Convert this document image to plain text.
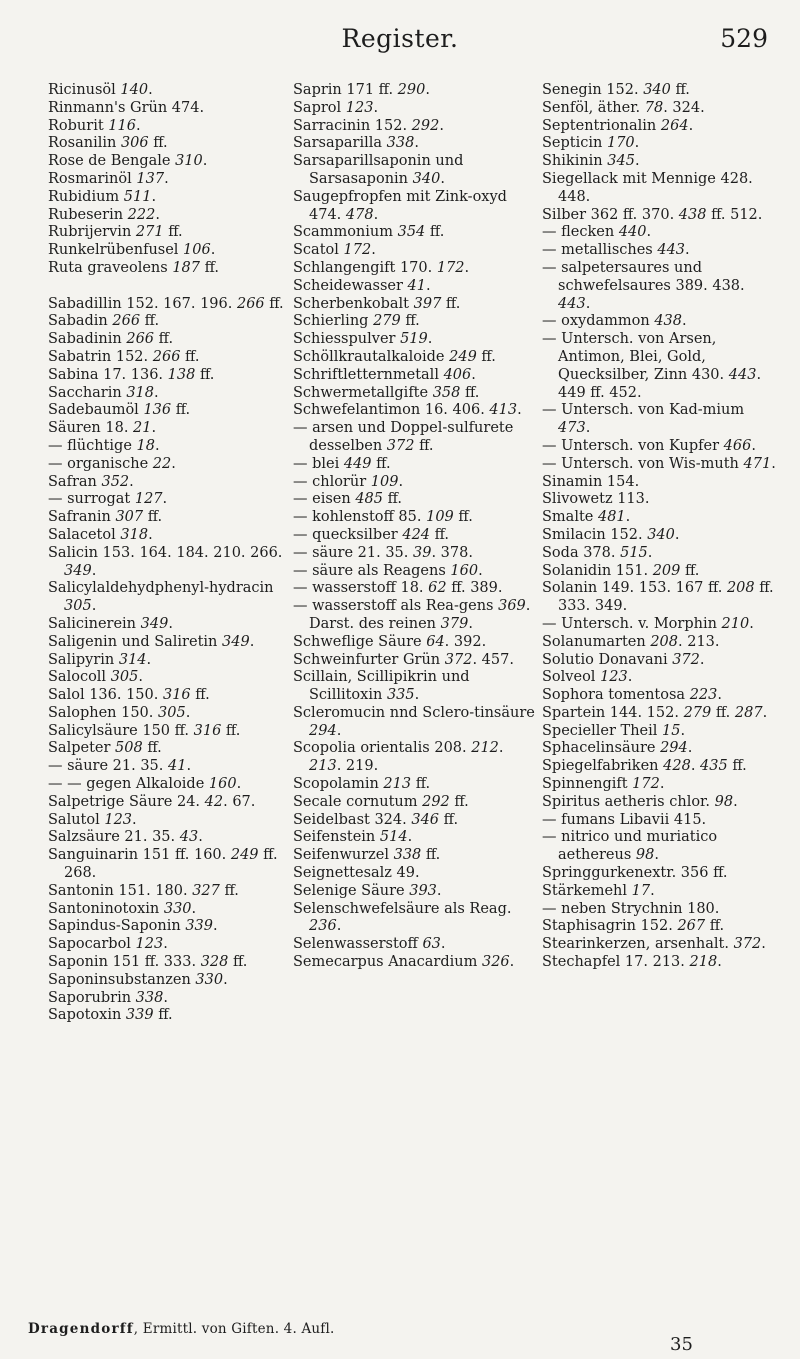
Register.	529

Ricinusöl 140.

Rinmann's Grün 474.

Roburit 116.

Rosanilin 306 ff.

Rose de Bengale 310.

Rosmarinöl 137.

Rubidium 511.

Rubeserin 222.

Rubrijervin 271 ff.

Runkelrübenfusel 106.

Ruta graveolens 187 ff.

Sabadillin 152. 167. 196. 266 ff.

Sabadin 266 ff.

Sabadinin 266 ff.

Sabatrin 152. 266 ff.

Sabina 17. 136. 138 ff.

Saccharin 318.

Sadebaumöl 136 ff.

Säuren 18. 21.

— flüchtige 18.

— organische 22.

Safran 352.

— surrogat 127.

Safranin 307 ff.

Salacetol 318.

Salicin 153. 164. 184. 210. 266. 349.

Salicylaldehydphenyl-hydracin 305.

Salicinerein 349.

Saligenin und Saliretin 349.

Salipyrin 314.

Salocoll 305.

Salol 136. 150. 316 ff.

Salophen 150. 305.

Salicylsäure 150 ff. 316 ff.

Salpeter 508 ff.

— säure 21. 35. 41.

— — gegen Alkaloide 160.

Salpetrige Säure 24. 42. 67.

Salutol 123.

Salzsäure 21. 35. 43.

Sanguinarin 151 ff. 160. 249 ff. 268.

Santonin 151. 180. 327 ff.

Santoninotoxin 330.

Sapindus-Saponin 339.

Sapocarbol 123.

Saponin 151 ff. 333. 328 ff.

Saponinsubstanzen 330.

Saporubrin 338.

Sapotoxin 339 ff.

Saprin 171 ff. 290.

Saprol 123.

Sarracinin 152. 292.

Sarsaparilla 338.

Sarsaparillsaponin und Sarsasaponin 340.

Saugepfropfen mit Zink-oxyd 474. 478.

Scammonium 354 ff.

Scatol 172.

Schlangengift 170. 172.

Scheidewasser 41.

Scherbenkobalt 397 ff.

Schierling 279 ff.

Schiesspulver 519.

Schöllkrautalkaloide 249 ff.

Schriftletternmetall 406.

Schwermetallgifte 358 ff.

Schwefelantimon 16. 406. 413.

— arsen und Doppel-sulfurete desselben 372 ff.

— blei 449 ff.

— chlorür 109.

— eisen 485 ff.

— kohlenstoff 85. 109 ff.

— quecksilber 424 ff.

— säure 21. 35. 39. 378.

— säure als Reagens 160.

— wasserstoff 18. 62 ff. 389.

— wasserstoff als Rea-gens 369. Darst. des reinen 379.

Schweflige Säure 64. 392.

Schweinfurter Grün 372. 457.

Scillain, Scillipikrin und Scillitoxin 335.

Scleromucin nnd Sclero-tinsäure 294.

Scopolia orientalis 208. 212. 213. 219.

Scopolamin 213 ff.

Secale cornutum 292 ff.

Seidelbast 324. 346 ff.

Seifenstein 514.

Seifenwurzel 338 ff.

Seignettesalz 49.

Selenige Säure 393.

Selenschwefelsäure als Reag. 236.

Selenwasserstoff 63.

Semecarpus Anacardium 326.

Senegin 152. 340 ff.

Senföl, äther. 78. 324.

Septentrionalin 264.

Septicin 170.

Shikinin 345.

Siegellack mit Mennige 428. 448.

Silber 362 ff. 370. 438 ff. 512.

— flecken 440.

— metallisches 443.

— salpetersaures und schwefelsaures 389. 438. 443.

— oxydammon 438.

— Untersch. von Arsen, Antimon, Blei, Gold, Quecksilber, Zinn 430. 443. 449 ff. 452.

— Untersch. von Kad-mium 473.

— Untersch. von Kupfer 466.

— Untersch. von Wis-muth 471.

Sinamin 154.

Slivowetz 113.

Smalte 481.

Smilacin 152. 340.

Soda 378. 515.

Solanidin 151. 209 ff.

Solanin 149. 153. 167 ff. 208 ff. 333. 349.

— Untersch. v. Morphin 210.

Solanumarten 208. 213.

Solutio Donavani 372.

Solveol 123.

Sophora tomentosa 223.

Spartein 144. 152. 279 ff. 287.

Specieller Theil 15.

Sphacelinsäure 294.

Spiegelfabriken 428. 435 ff.

Spinnengift 172.

Spiritus aetheris chlor. 98.

— fumans Libavii 415.

— nitrico und muriatico aethereus 98.

Springgurkenextr. 356 ff.

Stärkemehl 17.

— neben Strychnin 180.

Staphisagrin 152. 267 ff.

Stearinkerzen, arsenhalt. 372.

Stechapfel 17. 213. 218.

Dragendorff, Ermittl. von Giften. 4. Aufl.
35
